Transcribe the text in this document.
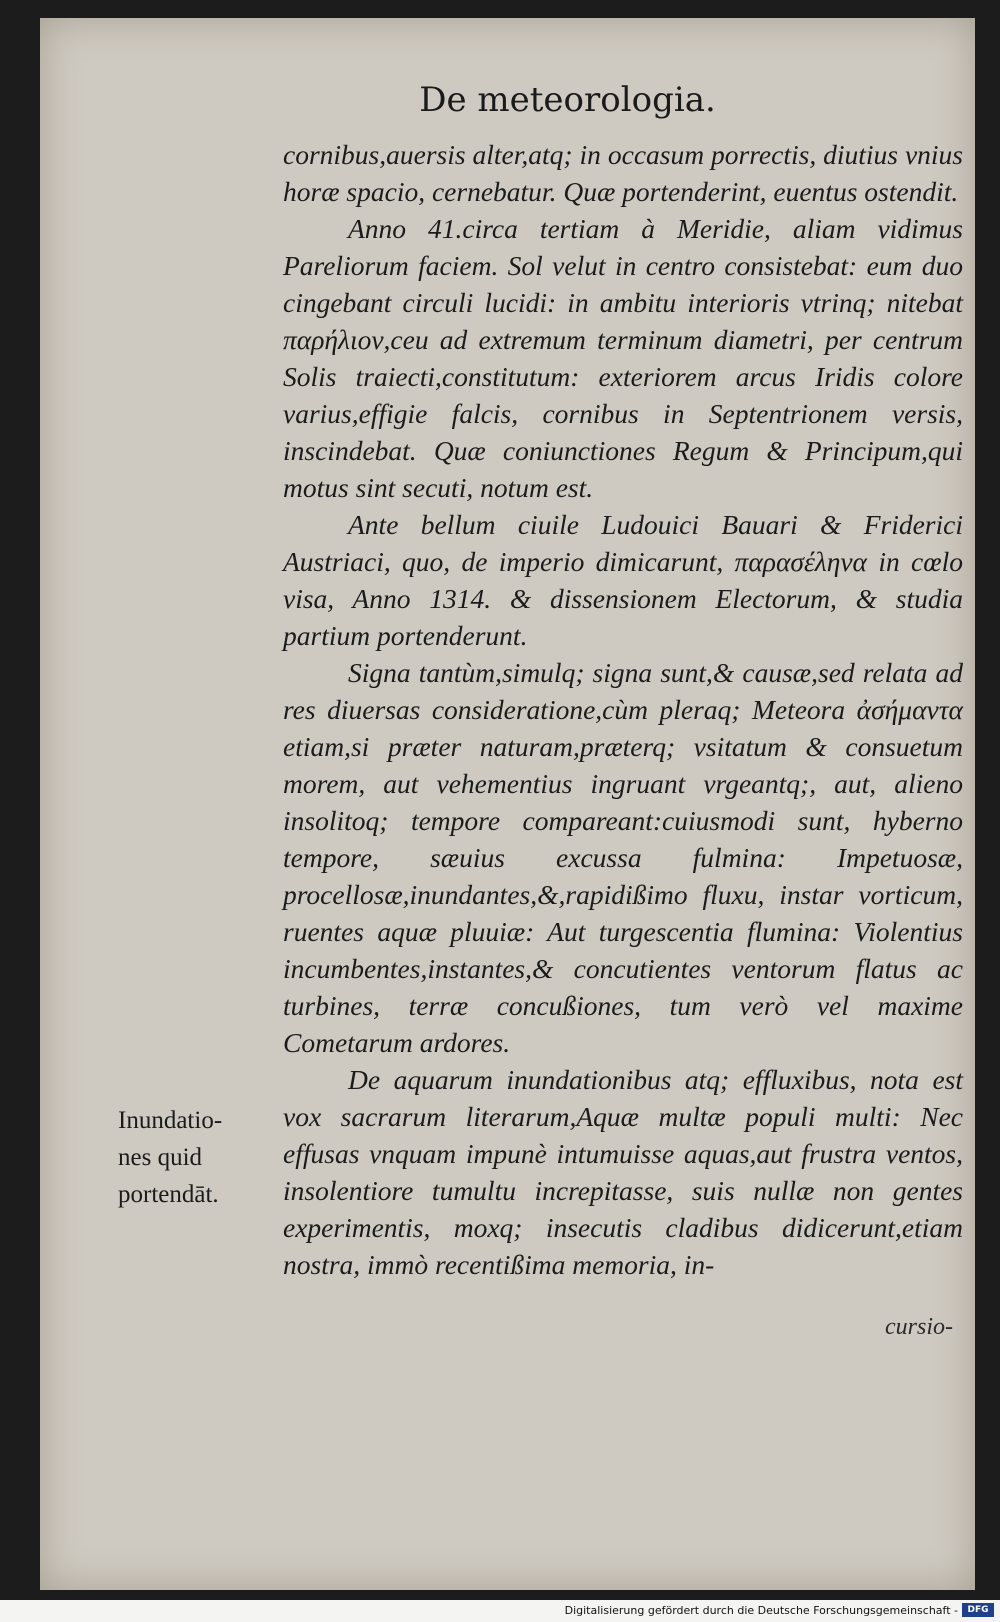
De meteorologia.

cornibus,auersis alter,atq; in occasum porrectis, diutius vnius horæ spacio, cernebatur. Quæ portenderint, euentus ostendit.

Anno 41.circa tertiam à Meridie, aliam vidimus Pareliorum faciem. Sol velut in centro consistebat: eum duo cingebant circuli lucidi: in ambitu interioris vtrinq; nitebat παρήλιον,ceu ad extremum terminum diametri, per centrum Solis traiecti,constitutum: exteriorem arcus Iridis colore varius,effigie falcis, cornibus in Septentrionem versis, inscindebat. Quæ coniunctiones Regum & Principum,qui motus sint secuti, notum est.

Ante bellum ciuile Ludouici Bauari & Friderici Austriaci, quo, de imperio dimicarunt, παρασέληνα in cœlo visa, Anno 1314. & dissensionem Electorum, & studia partium portenderunt.

Signa tantùm,simulq; signa sunt,& causæ,sed relata ad res diuersas consideratione,cùm pleraq; Meteora ἀσήμαντα etiam,si præter naturam,præterq; vsitatum & consuetum morem, aut vehementius ingruant vrgeantq;, aut, alieno insolitoq; tempore compareant:cuiusmodi sunt, hyberno tempore, sæuius excussa fulmina: Impetuosæ, procellosæ,inundantes,&,rapidißimo fluxu, instar vorticum, ruentes aquæ pluuiæ: Aut turgescentia flumina: Violentius incumbentes,instantes,& concutientes ventorum flatus ac turbines, terræ concußiones, tum verò vel maxime Cometarum ardores.

De aquarum inundationibus atq; effluxibus, nota est vox sacrarum literarum,Aquæ multæ populi multi: Nec effusas vnquam impunè intumuisse aquas,aut frustra ventos, insolentiore tumultu increpitasse, suis nullæ non gentes experimentis, moxq; insecutis cladibus didicerunt,etiam nostra, immò recentißima memoria, in-

Inundatio-
nes quid
portendāt.
cursio-
Digitalisierung gefördert durch die Deutsche Forschungsgemeinschaft -	DFG
